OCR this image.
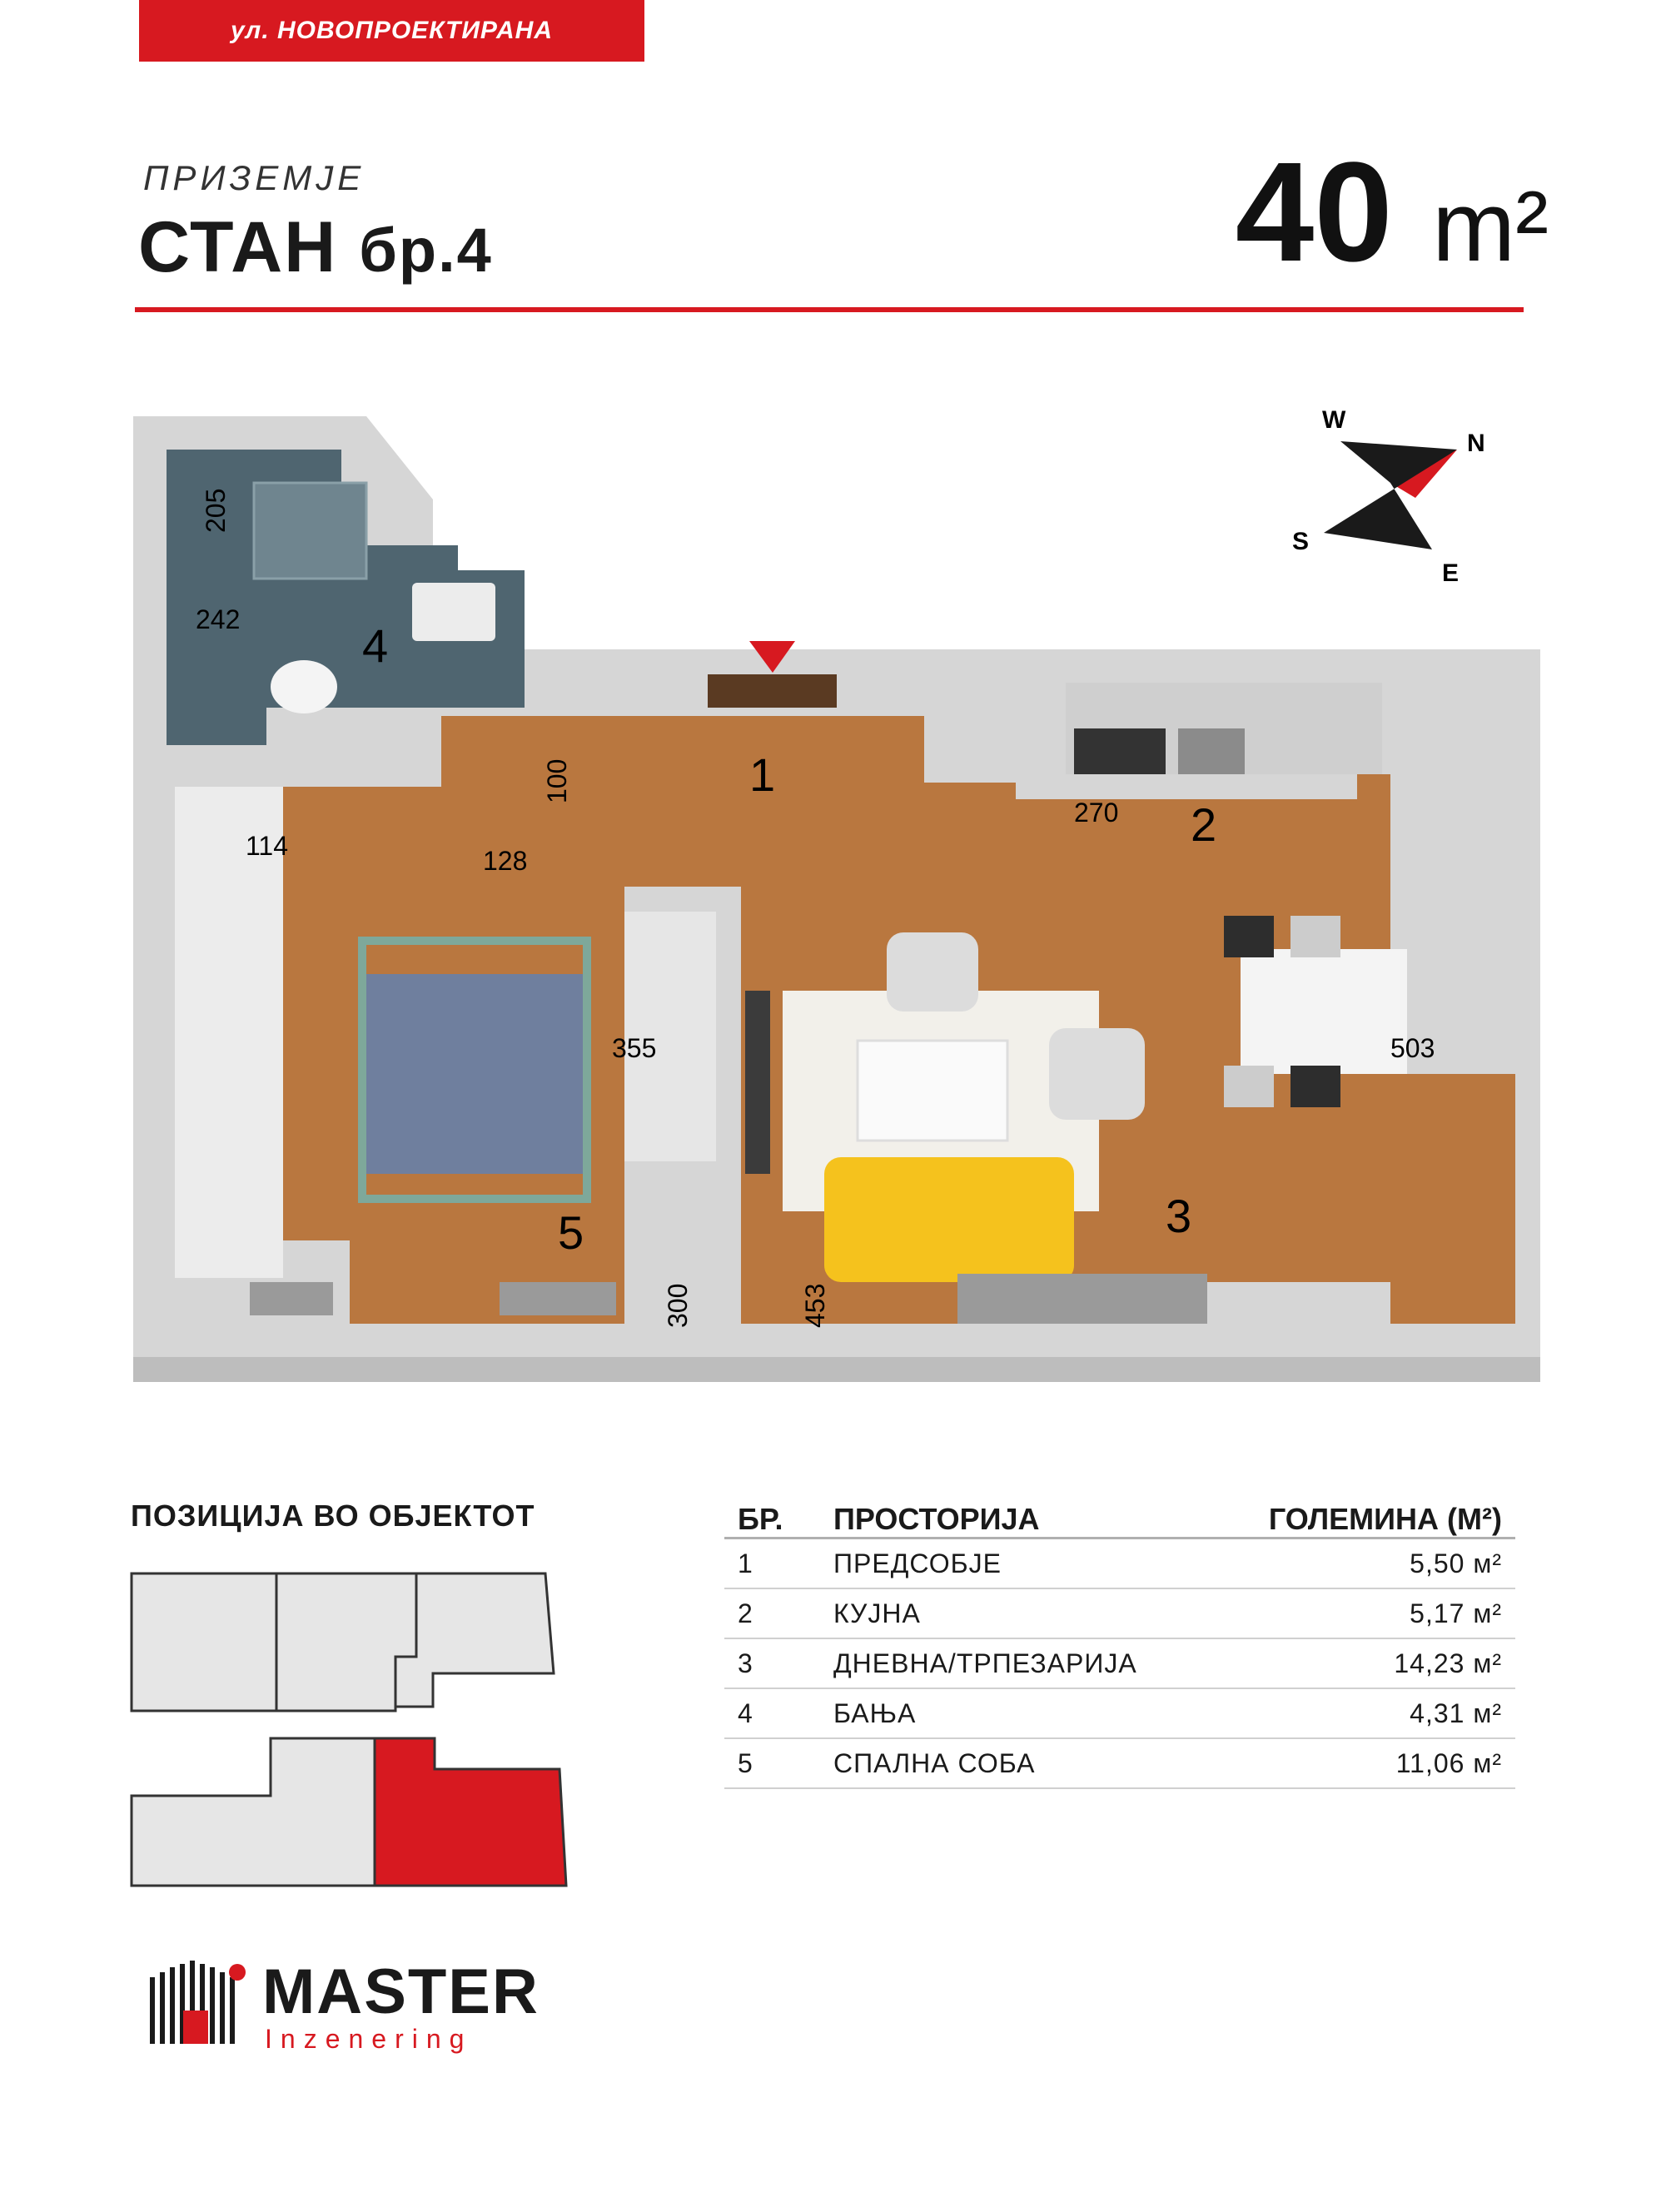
ул. НОВОПРОЕКТИРАНА
ПРИЗЕМЈЕ
СТАН бр.4	40 m²
W
N
S
E
1
2
3
4
5
205
242
100
114	128
270
355	503
300	453
ПОЗИЦИЈА ВО ОБЈЕКТОТ	БР.	ПРОСТОРИЈА	ГОЛЕМИНА (М²)
1	ПРЕДСОБЈЕ	5,50 м²
2	КУЈНА	5,17 м²
3	ДНЕВНА/ТРПЕЗАРИЈА	14,23 м²
4	БАЊА	4,31 м²
5	СПАЛНА СОБА	11,06 м²
MASTER
Inzenering
